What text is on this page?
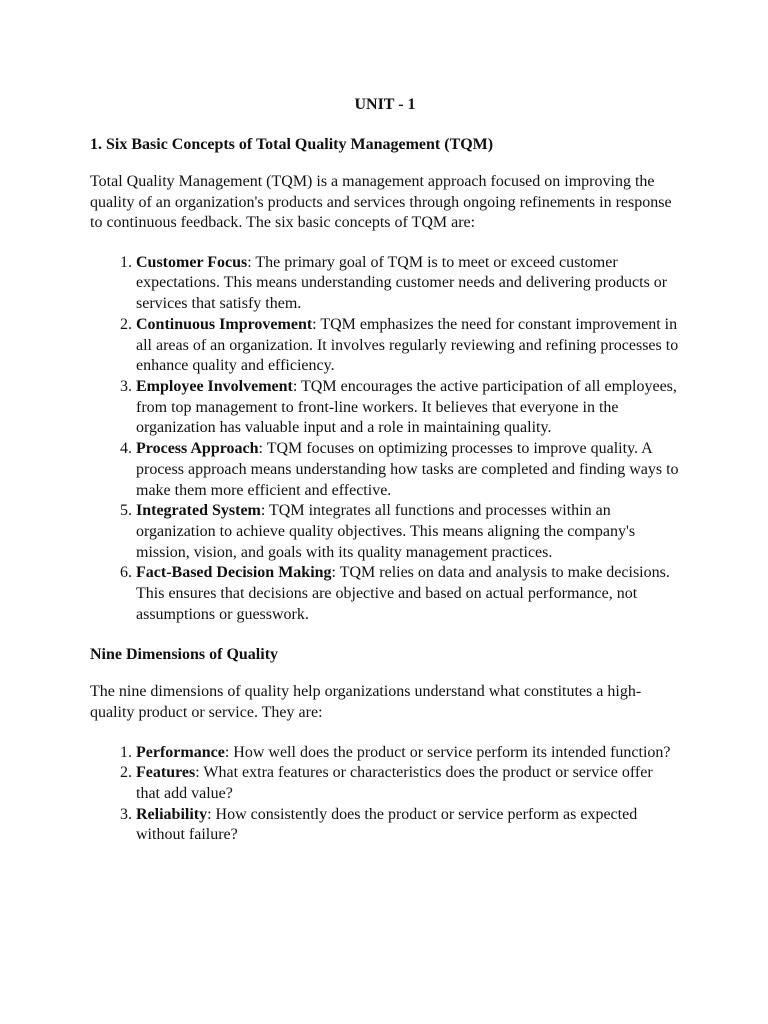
UNIT - 1
1. Six Basic Concepts of Total Quality Management (TQM)

Total Quality Management (TQM) is a management approach focused on improving the quality of an organization's products and services through ongoing refinements in response to continuous feedback. The six basic concepts of TQM are:

1. Customer Focus: The primary goal of TQM is to meet or exceed customer expectations. This means understanding customer needs and delivering products or services that satisfy them.
2. Continuous Improvement: TQM emphasizes the need for constant improvement in all areas of an organization. It involves regularly reviewing and refining processes to enhance quality and efficiency.
3. Employee Involvement: TQM encourages the active participation of all employees, from top management to front-line workers. It believes that everyone in the organization has valuable input and a role in maintaining quality.
4. Process Approach: TQM focuses on optimizing processes to improve quality. A process approach means understanding how tasks are completed and finding ways to make them more efficient and effective.
5. Integrated System: TQM integrates all functions and processes within an organization to achieve quality objectives. This means aligning the company's mission, vision, and goals with its quality management practices.
6. Fact-Based Decision Making: TQM relies on data and analysis to make decisions. This ensures that decisions are objective and based on actual performance, not assumptions or guesswork.
Nine Dimensions of Quality

The nine dimensions of quality help organizations understand what constitutes a high-quality product or service. They are:

1. Performance: How well does the product or service perform its intended function?
2. Features: What extra features or characteristics does the product or service offer that add value?
3. Reliability: How consistently does the product or service perform as expected without failure?
